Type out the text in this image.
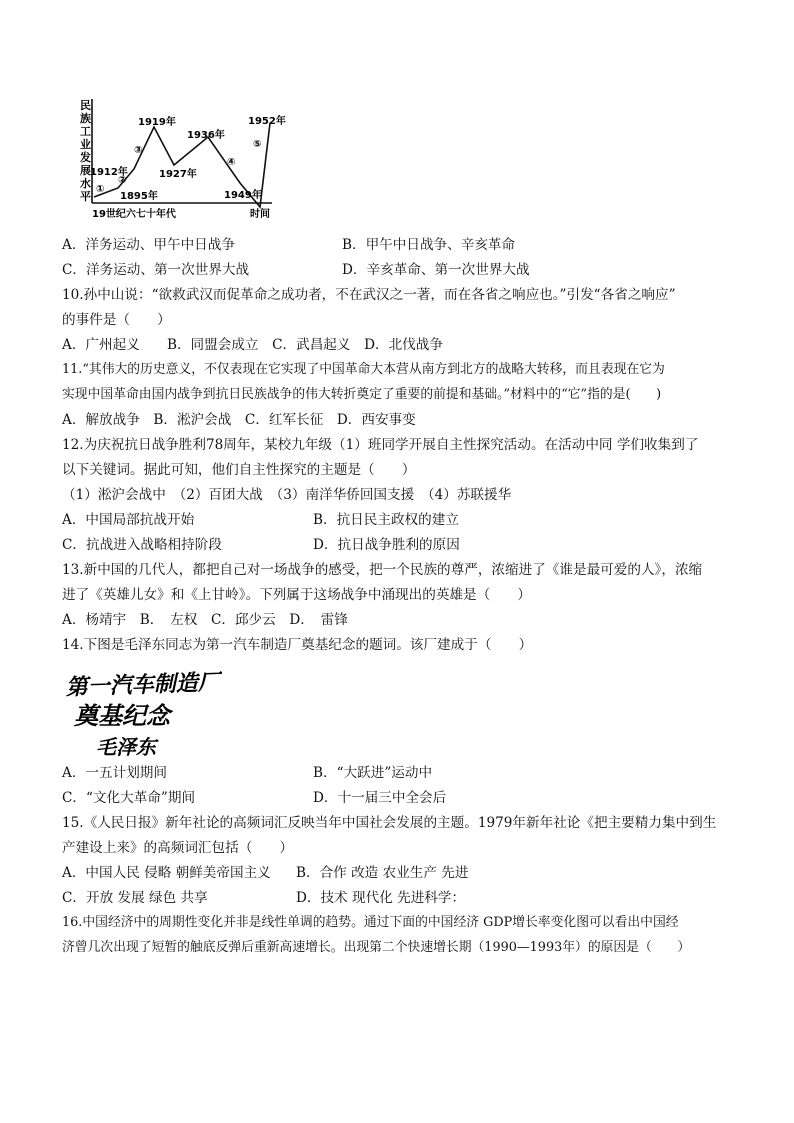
民
族
工
业
发
展
水
平
1912年
1895年
1919年
1927年
1936年
1949年
1952年
①
②
③
④
⑤
19世纪六七十年代	时间
A．洋务运动、甲午中日战争	B．甲午中日战争、辛亥革命
C．洋务运动、第一次世界大战	D．辛亥革命、第一次世界大战
10.孙中山说：“欲救武汉而促革命之成功者，不在武汉之一著，而在各省之响应也。”引发“各省之响应”
的事件是（　　）
A．广州起义　　B．同盟会成立　C．武昌起义　D．北伐战争
11.“其伟大的历史意义，不仅表现在它实现了中国革命大本营从南方到北方的战略大转移，而且表现在它为
实现中国革命由国内战争到抗日民族战争的伟大转折奠定了重要的前提和基础。”材料中的“它”指的是(　　)
A．解放战争　B．淞沪会战　C．红军长征　D．西安事变
12.为庆祝抗日战争胜利78周年，某校九年级（1）班同学开展自主性探究活动。在活动中同 学们收集到了
以下关键词。据此可知，他们自主性探究的主题是（　　）
（1）淞沪会战中　（2）百团大战　（3）南洋华侨回国支援　（4）苏联援华
A．中国局部抗战开始	B．抗日民主政权的建立
C．抗战进入战略相持阶段	D．抗日战争胜利的原因
13.新中国的几代人，都把自己对一场战争的感受，把一个民族的尊严，浓缩进了《谁是最可爱的人》，浓缩
进了《英雄儿女》和《上甘岭》。下列属于这场战争中涌现出的英雄是（　　）
A．杨靖宇　B．　左权　C．邱少云　D．　雷锋
14.下图是毛泽东同志为第一汽车制造厂奠基纪念的题词。该厂建成于（　　）
第一汽车制造厂
奠基纪念
毛泽东
A．一五计划期间	B．“大跃进”运动中
C．“文化大革命”期间	D．十一届三中全会后
15.《人民日报》新年社论的高频词汇反映当年中国社会发展的主题。1979年新年社论《把主要精力集中到生
产建设上来》的高频词汇包括（　　）
A．中国人民 侵略 朝鲜美帝国主义 B．合作 改造 农业生产 先进
C．开放 发展 绿色 共享	D．技术 现代化 先进科学：
16.中国经济中的周期性变化并非是线性单调的趋势。通过下面的中国经济 GDP增长率变化图可以看出中国经
济曾几次出现了短暂的触底反弹后重新高速增长。出现第二个快速增长期（1990—1993年）的原因是（　　）
